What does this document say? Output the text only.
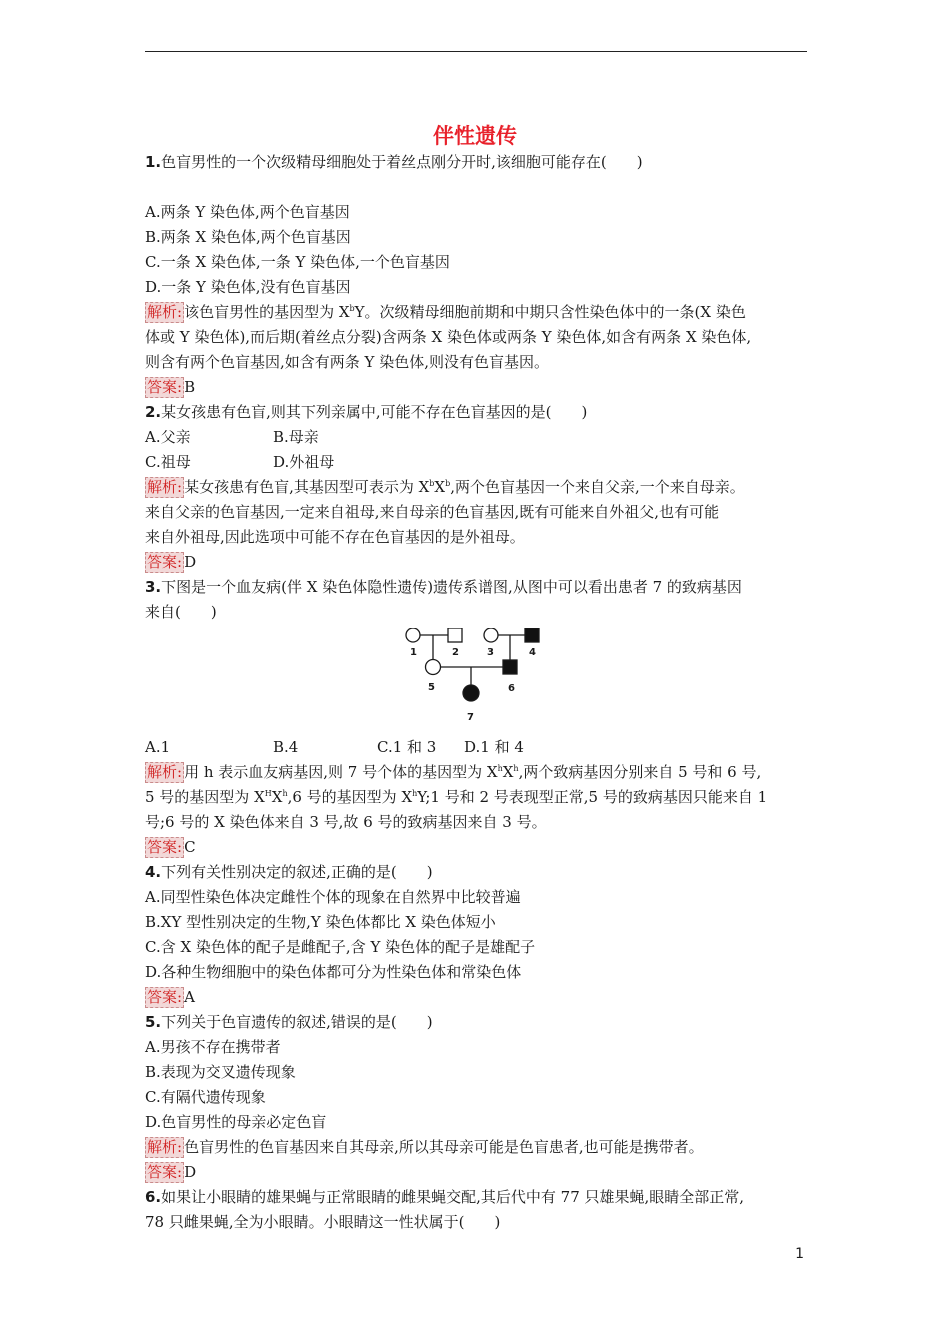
伴性遗传
1.色盲男性的一个次级精母细胞处于着丝点刚分开时,该细胞可能存在(　　)
A.两条 Y 染色体,两个色盲基因
B.两条 X 染色体,两个色盲基因
C.一条 X 染色体,一条 Y 染色体,一个色盲基因
D.一条 Y 染色体,没有色盲基因
解析: 该色盲男性的基因型为 $X^bY$。次级精母细胞前期和中期只含性染色体中的一条(X 染色
体或 Y 染色体),而后期(着丝点分裂)含两条 X 染色体或两条 Y 染色体,如含有两条 X 染色体,
则含有两个色盲基因,如含有两条 Y 染色体,则没有色盲基因。
答案: B
2.某女孩患有色盲,则其下列亲属中,可能不存在色盲基因的是(　　)
A.父亲	B.母亲
C.祖母	D.外祖母
解析: 某女孩患有色盲,其基因型可表示为 $X^bX^b$,两个色盲基因一个来自父亲,一个来自母亲。
来自父亲的色盲基因,一定来自祖母,来自母亲的色盲基因,既有可能来自外祖父,也有可能
来自外祖母,因此选项中可能不存在色盲基因的是外祖母。
答案: D
3.下图是一个血友病(伴 X 染色体隐性遗传)遗传系谱图,从图中可以看出患者 7 的致病基因
来自(　　)
1	2	3	4
5	6
7
A.1	B.4	C.1 和 3 D.1 和 4
解析: 用 h 表示血友病基因,则 7 号个体的基因型为 $X^hX^h$,两个致病基因分别来自 5 号和 6 号,
5 号的基因型为 $X^HX^h,6$ 号的基因型为 $X^hY;1$ 号和 2 号表现型正常,5 号的致病基因只能来自 1
号;6 号的 X 染色体来自 3 号,故 6 号的致病基因来自 3 号。
答案: C
4.下列有关性别决定的叙述,正确的是(　　)
A.同型性染色体决定雌性个体的现象在自然界中比较普遍
B.XY 型性别决定的生物,Y 染色体都比 X 染色体短小
C.含 X 染色体的配子是雌配子,含 Y 染色体的配子是雄配子
D.各种生物细胞中的染色体都可分为性染色体和常染色体
答案: A
5.下列关于色盲遗传的叙述,错误的是(　　)
A.男孩不存在携带者
B.表现为交叉遗传现象
C.有隔代遗传现象
D.色盲男性的母亲必定色盲
解析: 色盲男性的色盲基因来自其母亲,所以其母亲可能是色盲患者,也可能是携带者。
答案: D
6.如果让小眼睛的雄果蝇与正常眼睛的雌果蝇交配,其后代中有 77 只雄果蝇,眼睛全部正常,
78 只雌果蝇,全为小眼睛。小眼睛这一性状属于(　　)
1
